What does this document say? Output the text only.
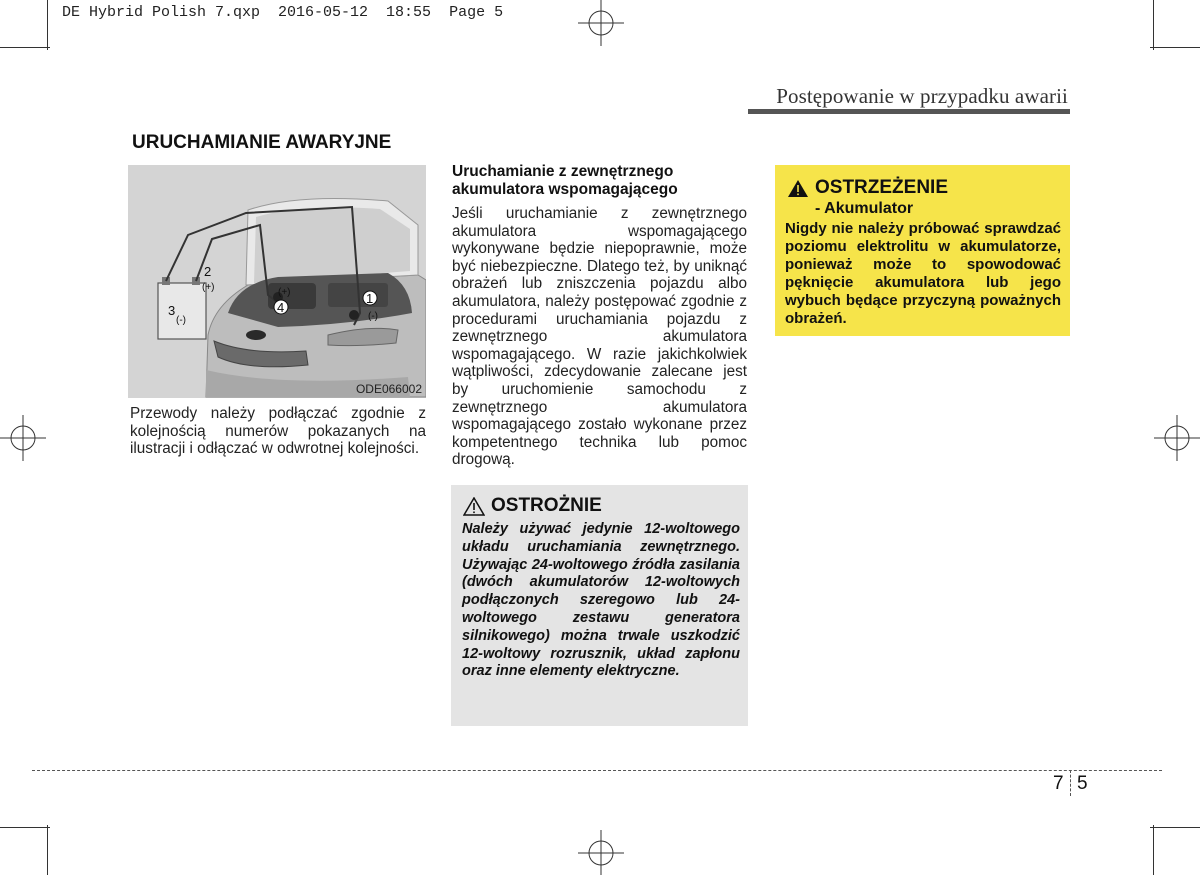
DE Hybrid Polish 7.qxp  2016-05-12  18:55  Page 5
Postępowanie w przypadku awarii
URUCHAMIANIE AWARYJNE
1
2
3	4
(-)
(+)
(-)
(+)
ODE066002
Przewody należy podłączać zgodnie z kolejnością numerów pokazanych na ilustracji i odłączać w odwrotnej kolejności.
Uruchamianie z zewnętrznego akumulatora wspomagającego
Jeśli uruchamianie z zewnętrznego akumulatora wspomagającego wykonywane będzie niepoprawnie, może być niebezpieczne. Dlatego też, by uniknąć obrażeń lub zniszczenia pojazdu albo akumulatora, należy postępować zgodnie z procedurami uruchamiania pojazdu z zewnętrznego akumulatora wspomagającego. W razie jakichkolwiek wątpliwości, zdecydowanie zalecane jest by uruchomienie samochodu z zewnętrznego akumulatora wspomagającego zostało wykonane przez kompetentnego technika lub pomoc drogową.
OSTROŻNIE
Należy używać jedynie 12-woltowego układu uruchamiania zewnętrznego. Używając 24-woltowego źródła zasilania (dwóch akumulatorów 12-woltowych podłączonych szeregowo lub 24-woltowego zestawu generatora silnikowego) można trwale uszkodzić 12-woltowy rozrusznik, układ zapłonu oraz inne elementy elektryczne.
OSTRZEŻENIE
- Akumulator
Nigdy nie należy próbować sprawdzać poziomu elektrolitu w akumulatorze, ponieważ może to spowodować pęknięcie akumulatora lub jego wybuch będące przyczyną poważnych obrażeń.
7 5
